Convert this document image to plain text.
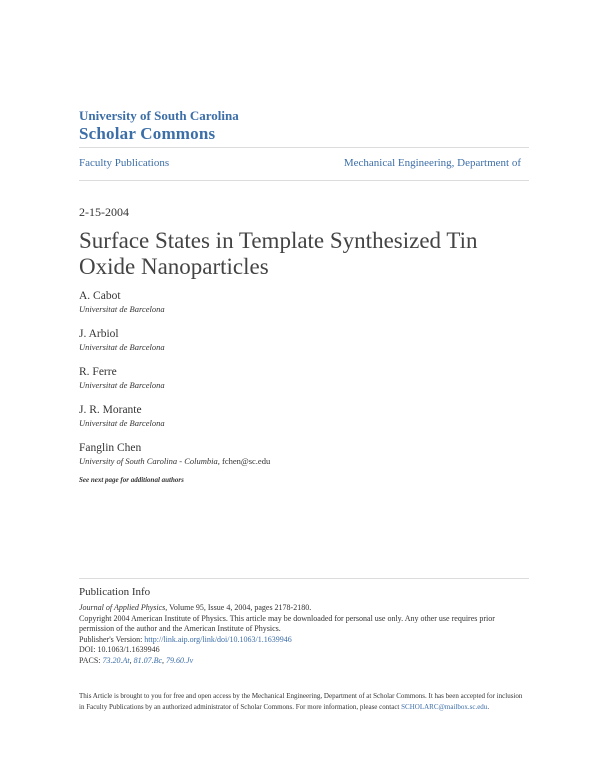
University of South Carolina
Scholar Commons
Faculty Publications	Mechanical Engineering, Department of
2-15-2004
Surface States in Template Synthesized Tin Oxide Nanoparticles
A. Cabot
Universitat de Barcelona
J. Arbiol
Universitat de Barcelona
R. Ferre
Universitat de Barcelona
J. R. Morante
Universitat de Barcelona
Fanglin Chen
University of South Carolina - Columbia, fchen@sc.edu
See next page for additional authors
Publication Info
Journal of Applied Physics, Volume 95, Issue 4, 2004, pages 2178-2180.
Copyright 2004 American Institute of Physics. This article may be downloaded for personal use only. Any other use requires prior permission of the author and the American Institute of Physics.
Publisher's Version: http://link.aip.org/link/doi/10.1063/1.1639946
DOI: 10.1063/1.1639946
PACS: 73.20.At, 81.07.Bc, 79.60.Jv
This Article is brought to you for free and open access by the Mechanical Engineering, Department of at Scholar Commons. It has been accepted for inclusion in Faculty Publications by an authorized administrator of Scholar Commons. For more information, please contact SCHOLARC@mailbox.sc.edu.
